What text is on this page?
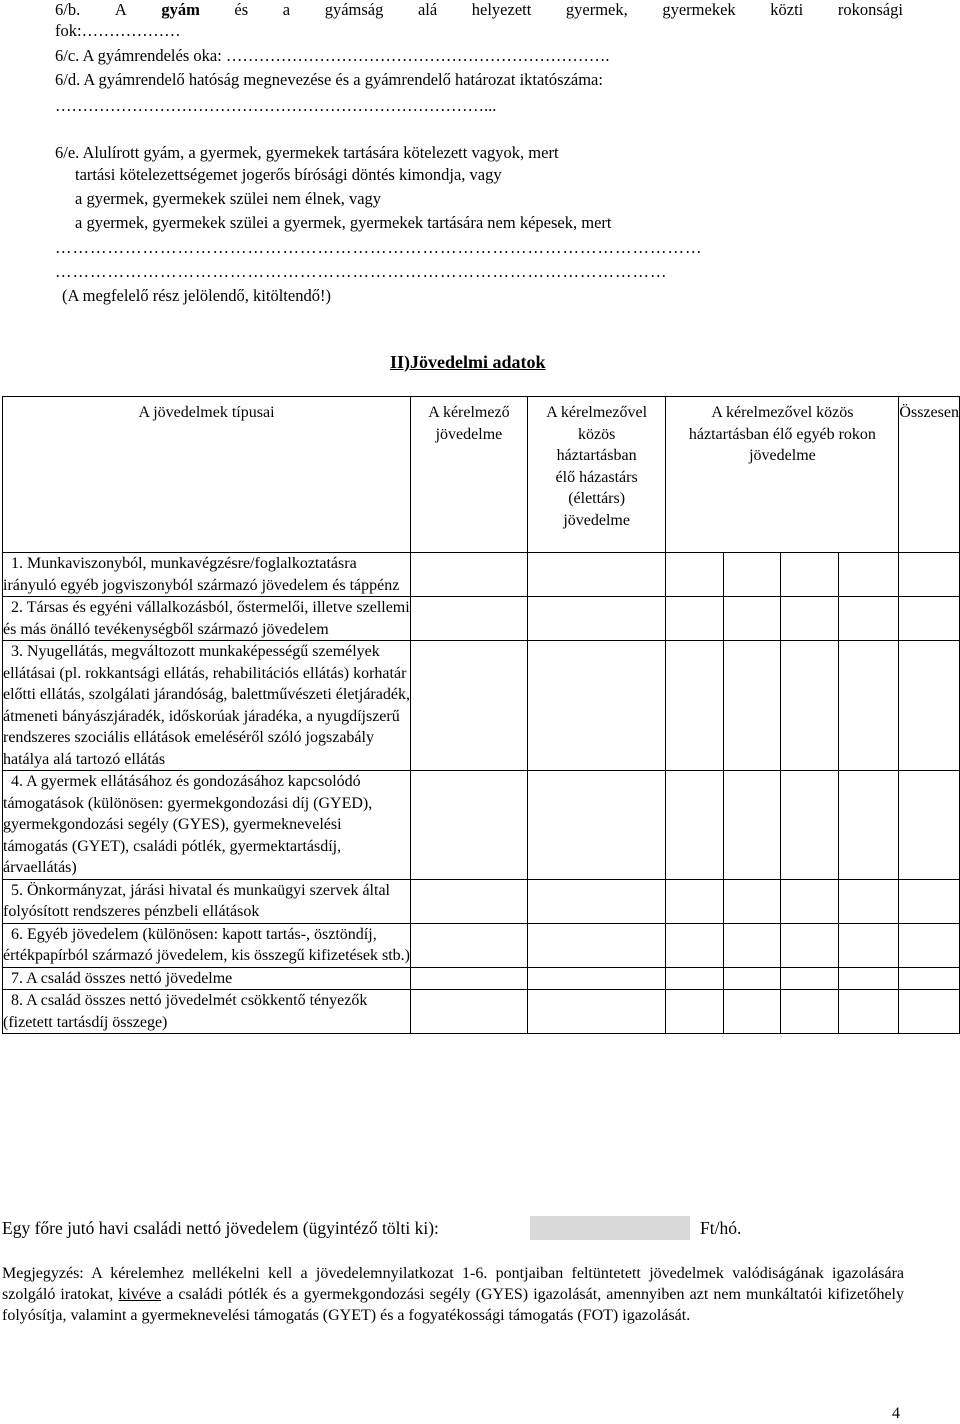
6/b. A gyám és a gyámság alá helyezett gyermek, gyermekek közti rokonsági
fok:………………
6/c. A gyámrendelés oka: …………………………………………………………….
6/d. A gyámrendelő hatóság megnevezése és a gyámrendelő határozat iktatószáma:
……………………………………………………………………...
6/e. Alulírott gyám, a gyermek, gyermekek tartására kötelezett vagyok, mert
tartási kötelezettségemet jogerős bírósági döntés kimondja, vagy
a gyermek, gyermekek szülei nem élnek, vagy
a gyermek, gyermekek szülei a gyermek, gyermekek tartására nem képesek, mert
…………………………………………………………………………………………………
……………………………………………………………………………………………
(A megfelelő rész jelölendő, kitöltendő!)
II)Jövedelmi adatok
A jövedelmek típusai	A kérelmező jövedelme	A kérelmezővel közös háztartásban élő házastárs (élettárs) jövedelme	A kérelmezővel közös háztartásban élő egyéb rokon jövedelme				Összesen
1. Munkaviszonyból, munkavégzésre/foglalkoztatásra irányuló egyéb jogviszonyból származó jövedelem és táppénz							
2. Társas és egyéni vállalkozásból, őstermelői, illetve szellemi és más önálló tevékenységből származó jövedelem							
3. Nyugellátás, megváltozott munkaképességű személyek ellátásai (pl. rokkantsági ellátás, rehabilitációs ellátás) korhatár előtti ellátás, szolgálati járandóság, balettművészeti életjáradék, átmeneti bányászjáradék, időskorúak járadéka, a nyugdíjszerű rendszeres szociális ellátások emeléséről szóló jogszabály hatálya alá tartozó ellátás							
4. A gyermek ellátásához és gondozásához kapcsolódó támogatások (különösen: gyermekgondozási díj (GYED), gyermekgondozási segély (GYES), gyermeknevelési támogatás (GYET), családi pótlék, gyermektartásdíj, árvaellátás)							
5. Önkormányzat, járási hivatal és munkaügyi szervek által folyósított rendszeres pénzbeli ellátások							
6. Egyéb jövedelem (különösen: kapott tartás-, ösztöndíj, értékpapírból származó jövedelem, kis összegű kifizetések stb.)							
7. A család összes nettó jövedelme							
8. A család összes nettó jövedelmét csökkentő tényezők (fizetett tartásdíj összege)							
Egy főre jutó havi családi nettó jövedelem (ügyintéző tölti ki):	Ft/hó.
Megjegyzés: A kérelemhez mellékelni kell a jövedelemnyilatkozat 1-6. pontjaiban feltüntetett jövedelmek valódiságának igazolására szolgáló iratokat, kivéve a családi pótlék és a gyermekgondozási segély (GYES) igazolását, amennyiben azt nem munkáltatói kifizetőhely folyósítja, valamint a gyermeknevelési támogatás (GYET) és a fogyatékossági támogatás (FOT) igazolását.
4
